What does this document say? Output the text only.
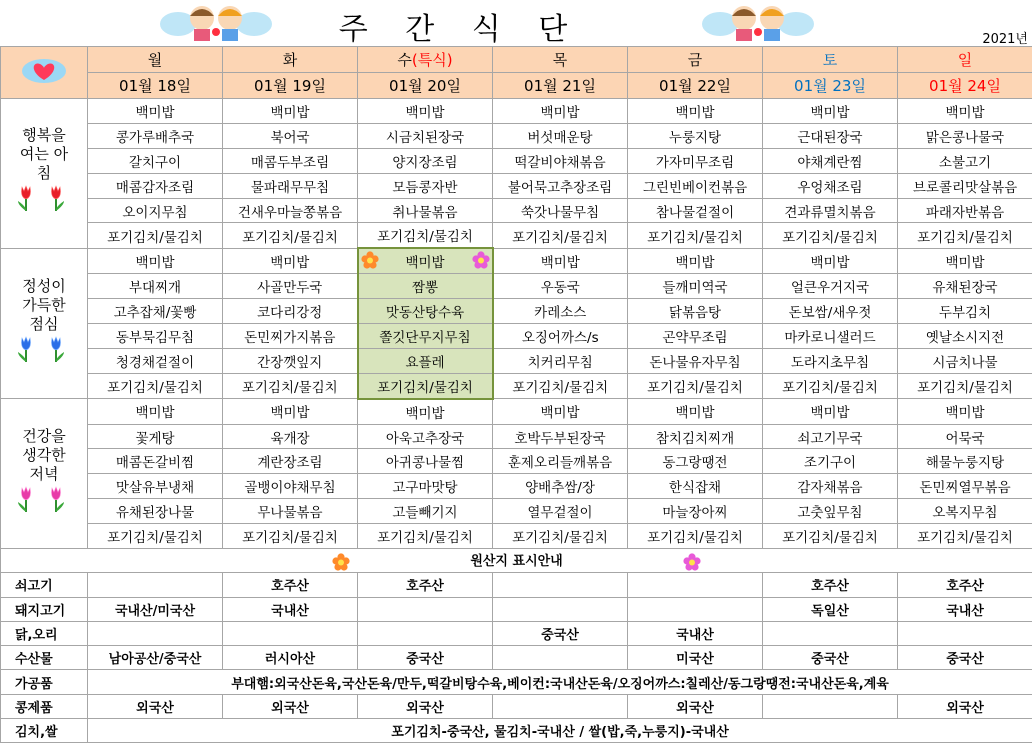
주 간 식 단	2021년
	월	화	수(특식)	목	금	토	일
	01월 18일	01월 19일	01월 20일	01월 21일	01월 22일	01월 23일	01월 24일

행복을 여는 아침	백미밥	백미밥	백미밥	백미밥	백미밥	백미밥	백미밥
	콩가루배추국	북어국	시금치된장국	버섯매운탕	누룽지탕	근대된장국	맑은콩나물국
	갈치구이	매콤두부조림	양지장조림	떡갈비야채볶음	가자미무조림	야채계란찜	소불고기
	매콤감자조림	물파래무무침	모듬콩자반	불어묵고추장조림	그린빈베이컨볶음	우엉채조림	브로콜리맛살볶음
	오이지무침	건새우마늘쫑볶음	취나물볶음	쑥갓나물무침	참나물겉절이	견과류멸치볶음	파래자반볶음
	포기김치/물김치	포기김치/물김치	포기김치/물김치	포기김치/물김치	포기김치/물김치	포기김치/물김치	포기김치/물김치

정성이 가득한 점심	백미밥	백미밥	백미밥	백미밥	백미밥	백미밥	백미밥
	부대찌개	사골만두국	짬뽕	우동국	들깨미역국	얼큰우거지국	유채된장국
	고추잡채/꽃빵	코다리강정	맛동산탕수육	카레소스	닭볶음탕	돈보쌈/새우젓	두부김치
	동부묵김무침	돈민찌가지볶음	쫄깃단무지무침	오징어까스/s	곤약무조림	마카로니샐러드	옛날소시지전
	청경채겉절이	간장깻잎지	요플레	치커리무침	돈나물유자무침	도라지초무침	시금치나물
	포기김치/물김치	포기김치/물김치	포기김치/물김치	포기김치/물김치	포기김치/물김치	포기김치/물김치	포기김치/물김치

건강을 생각한 저녁	백미밥	백미밥	백미밥	백미밥	백미밥	백미밥	백미밥
	꽃게탕	육개장	아욱고추장국	호박두부된장국	참치김치찌개	쇠고기무국	어묵국
	매콤돈갈비찜	계란장조림	아귀콩나물찜	훈제오리들깨볶음	동그랑땡전	조기구이	해물누룽지탕
	맛살유부냉채	골뱅이야채무침	고구마맛탕	양배추쌈/장	한식잡채	감자채볶음	돈민찌열무볶음
	유채된장나물	무나물볶음	고들빼기지	열무겉절이	마늘장아찌	고춧잎무침	오복지무침
	포기김치/물김치	포기김치/물김치	포기김치/물김치	포기김치/물김치	포기김치/물김치	포기김치/물김치	포기김치/물김치
원산지 표시안내							
쇠고기		호주산	호주산			호주산	호주산
돼지고기	국내산/미국산	국내산				독일산	국내산
닭,오리				중국산	국내산		
수산물	남아공산/중국산	러시아산	중국산		미국산	중국산	중국산
가공품	부대햄:외국산돈육,국산돈육/만두,떡갈비탕수육,베이컨:국내산돈육/오징어까스:칠레산/동그랑땡전:국내산돈육,계육						
콩제품	외국산	외국산	외국산		외국산		외국산
김치,쌀	포기김치-중국산, 물김치-국내산 / 쌀(밥,죽,누룽지)-국내산						
